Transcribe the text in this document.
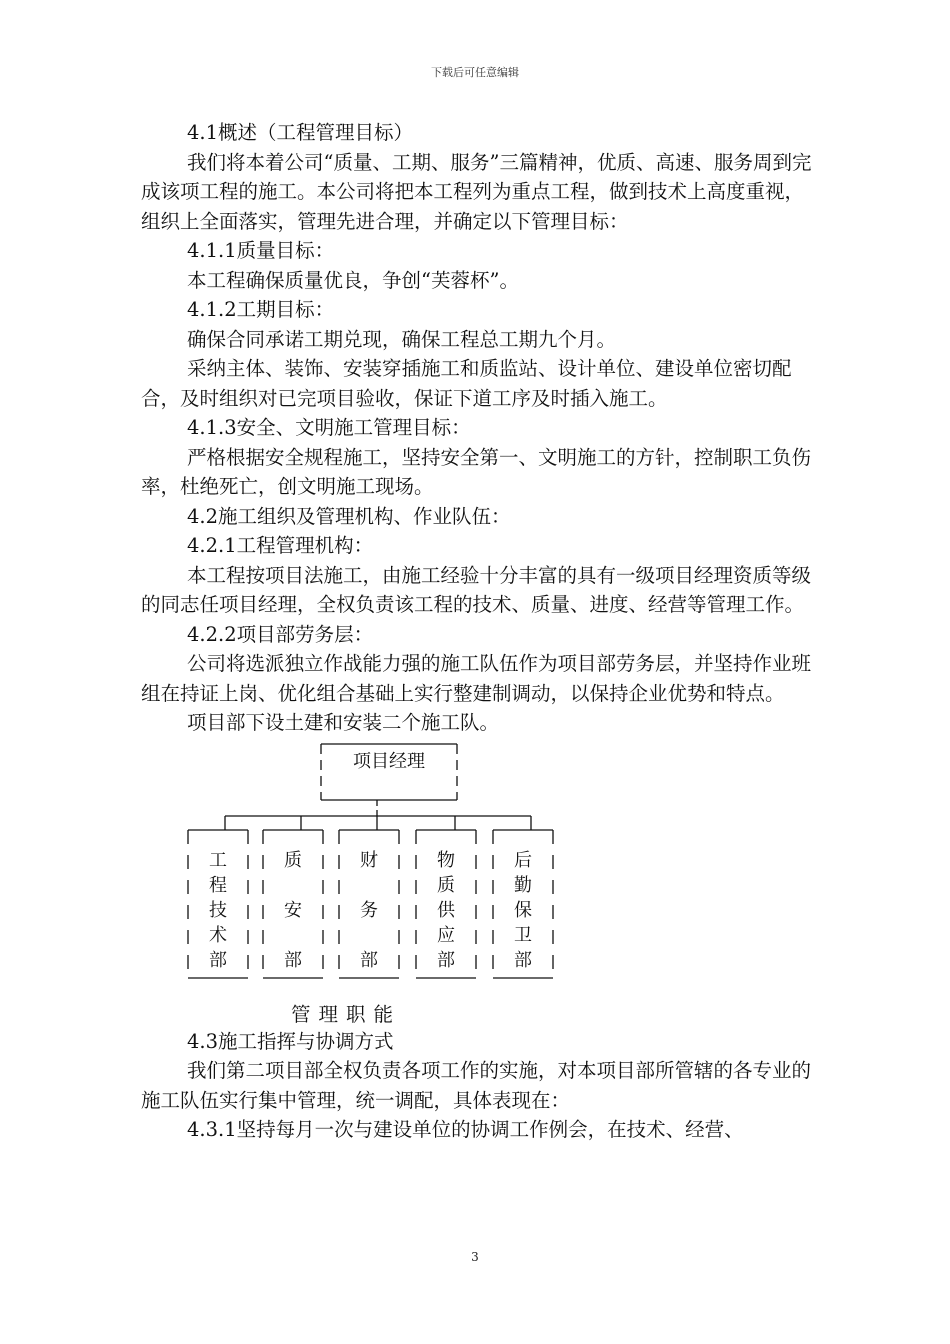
下载后可任意编辑

4.1概述（工程管理目标）

我们将本着公司“质量、工期、服务”三篇精神，优质、高速、服务周到完成该项工程的施工。本公司将把本工程列为重点工程，做到技术上高度重视，组织上全面落实，管理先进合理，并确定以下管理目标：

4.1.1质量目标：

本工程确保质量优良，争创“芙蓉杯”。

4.1.2工期目标：

确保合同承诺工期兑现，确保工程总工期九个月。

采纳主体、装饰、安装穿插施工和质监站、设计单位、建设单位密切配合，及时组织对已完项目验收，保证下道工序及时插入施工。

4.1.3安全、文明施工管理目标：

严格根据安全规程施工，坚持安全第一、文明施工的方针，控制职工负伤率，杜绝死亡，创文明施工现场。

4.2施工组织及管理机构、作业队伍：

4.2.1工程管理机构：

本工程按项目法施工，由施工经验十分丰富的具有一级项目经理资质等级的同志任项目经理，全权负责该工程的技术、质量、进度、经营等管理工作。

4.2.2项目部劳务层：

公司将选派独立作战能力强的施工队伍作为项目部劳务层，并坚持作业班组在持证上岗、优化组合基础上实行整建制调动，以保持企业优势和特点。

项目部下设土建和安装二个施工队。

项目经理
工
程
技
术
部
质

安

部
财

务

部
物
质
供
应
部
后
勤
保
卫
部
管理职能

4.3施工指挥与协调方式

我们第二项目部全权负责各项工作的实施，对本项目部所管辖的各专业的施工队伍实行集中管理，统一调配，具体表现在：

4.3.1坚持每月一次与建设单位的协调工作例会，在技术、经营、

3
